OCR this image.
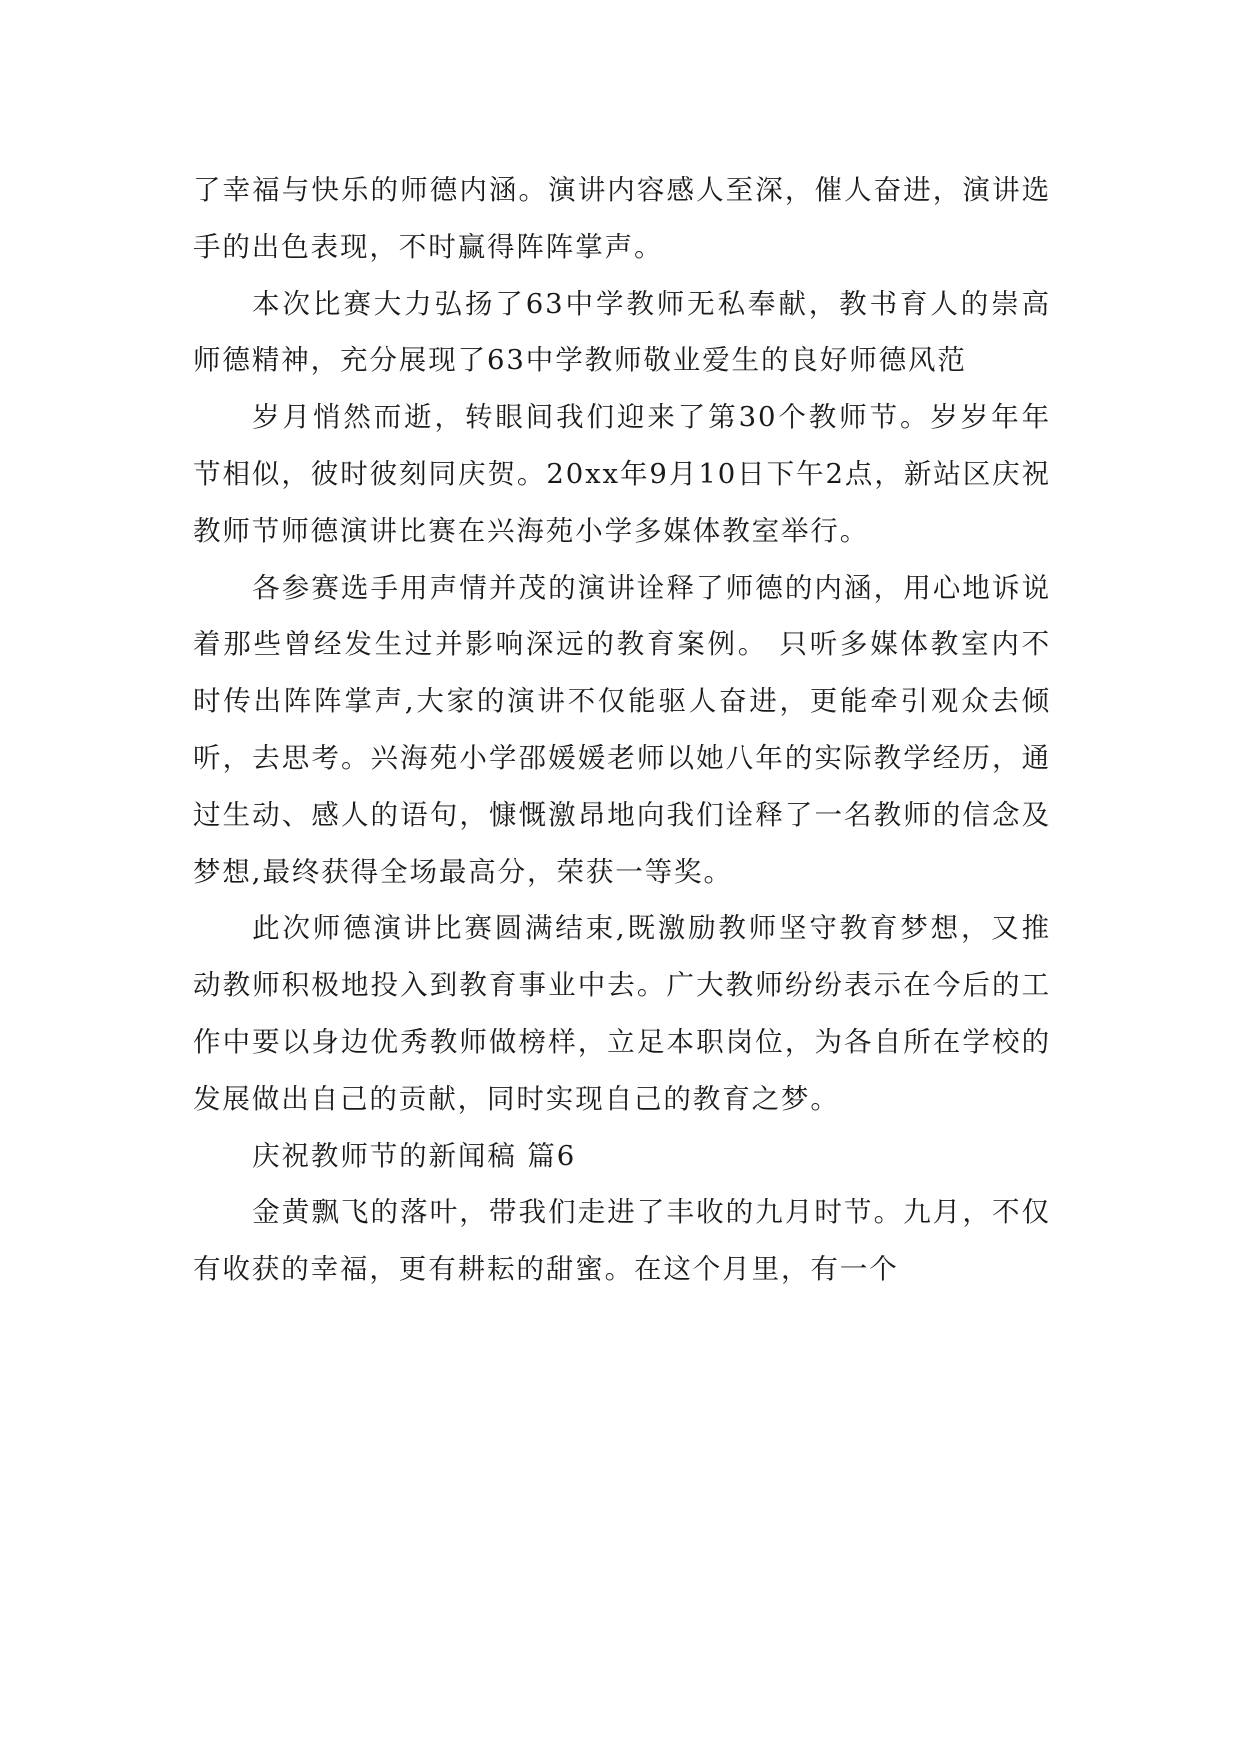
了幸福与快乐的师德内涵。演讲内容感人至深，催人奋进，演讲选手的出色表现，不时赢得阵阵掌声。

本次比赛大力弘扬了63中学教师无私奉献，教书育人的崇高师德精神，充分展现了63中学教师敬业爱生的良好师德风范

岁月悄然而逝，转眼间我们迎来了第30个教师节。岁岁年年节相似，彼时彼刻同庆贺。20xx年9月10日下午2点，新站区庆祝教师节师德演讲比赛在兴海苑小学多媒体教室举行。

各参赛选手用声情并茂的演讲诠释了师德的内涵，用心地诉说着那些曾经发生过并影响深远的教育案例。 只听多媒体教室内不时传出阵阵掌声,大家的演讲不仅能驱人奋进，更能牵引观众去倾听，去思考。兴海苑小学邵媛媛老师以她八年的实际教学经历，通过生动、感人的语句，慷慨激昂地向我们诠释了一名教师的信念及梦想,最终获得全场最高分，荣获一等奖。

此次师德演讲比赛圆满结束,既激励教师坚守教育梦想，又推动教师积极地投入到教育事业中去。广大教师纷纷表示在今后的工作中要以身边优秀教师做榜样，立足本职岗位，为各自所在学校的发展做出自己的贡献，同时实现自己的教育之梦。

庆祝教师节的新闻稿 篇6

金黄飘飞的落叶，带我们走进了丰收的九月时节。九月，不仅有收获的幸福，更有耕耘的甜蜜。在这个月里，有一个
